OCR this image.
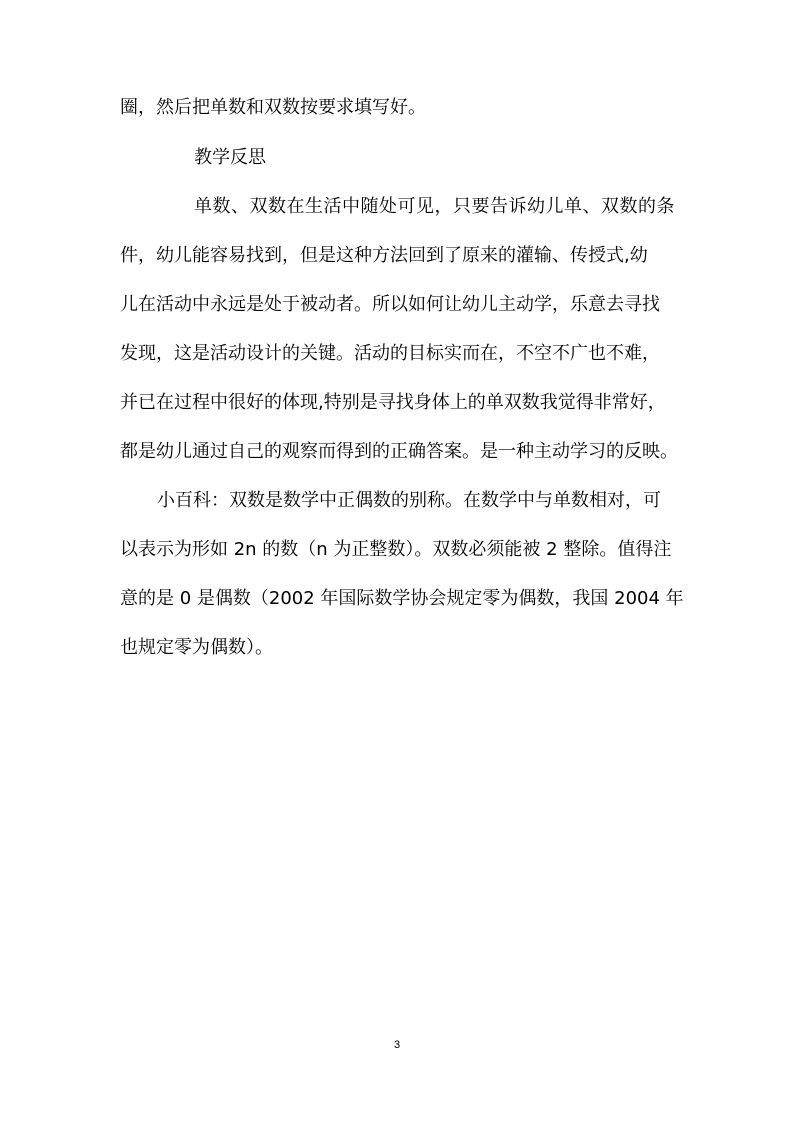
圈，然后把单数和双数按要求填写好。
教学反思
单数、双数在生活中随处可见，只要告诉幼儿单、双数的条
件，幼儿能容易找到，但是这种方法回到了原来的灌输、传授式,幼
儿在活动中永远是处于被动者。所以如何让幼儿主动学，乐意去寻找
发现，这是活动设计的关键。活动的目标实而在，不空不广也不难，
并已在过程中很好的体现,特别是寻找身体上的单双数我觉得非常好，
都是幼儿通过自己的观察而得到的正确答案。是一种主动学习的反映。
小百科：双数是数学中正偶数的别称。在数学中与单数相对，可
以表示为形如 2n 的数（n 为正整数）。双数必须能被 2 整除。值得注
意的是 0 是偶数（2002 年国际数学协会规定零为偶数，我国 2004 年
也规定零为偶数）。
3
